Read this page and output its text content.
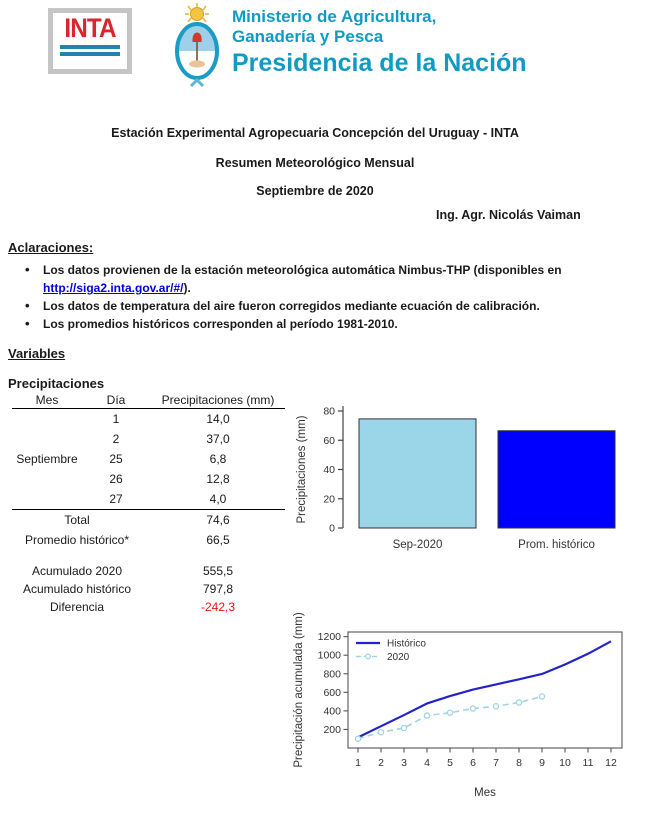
INTA	Ministerio de Agricultura,
Ganadería y Pesca
Presidencia de la Nación
Estación Experimental Agropecuaria Concepción del Uruguay - INTA
Resumen Meteorológico Mensual
Septiembre de 2020
Ing. Agr. Nicolás Vaiman
Aclaraciones:
• Los datos provienen de la estación meteorológica automática Nimbus-THP (disponibles en
http://siga2.inta.gov.ar/#/).
• Los datos de temperatura del aire fueron corregidos mediante ecuación de calibración.
• Los promedios históricos corresponden al período 1981-2010.
Variables
Precipitaciones
Mes	Día	Precipitaciones (mm)
1	14,0
2	37,0
Septiembre	25	6,8
26	12,8
27	4,0
Total	74,6
Promedio histórico*	66,5
Acumulado 2020	555,5
Acumulado histórico	797,8
Diferencia	-242,3
0
20
40
60
80
Sep-2020	Prom. histórico
Precipitaciones (mm)
1 2 3 4 5 6 7 8 9 10 11 12
200
400
600
800
1000
1200
Mes
Precipitación acumulada (mm)	Histórico
2020
